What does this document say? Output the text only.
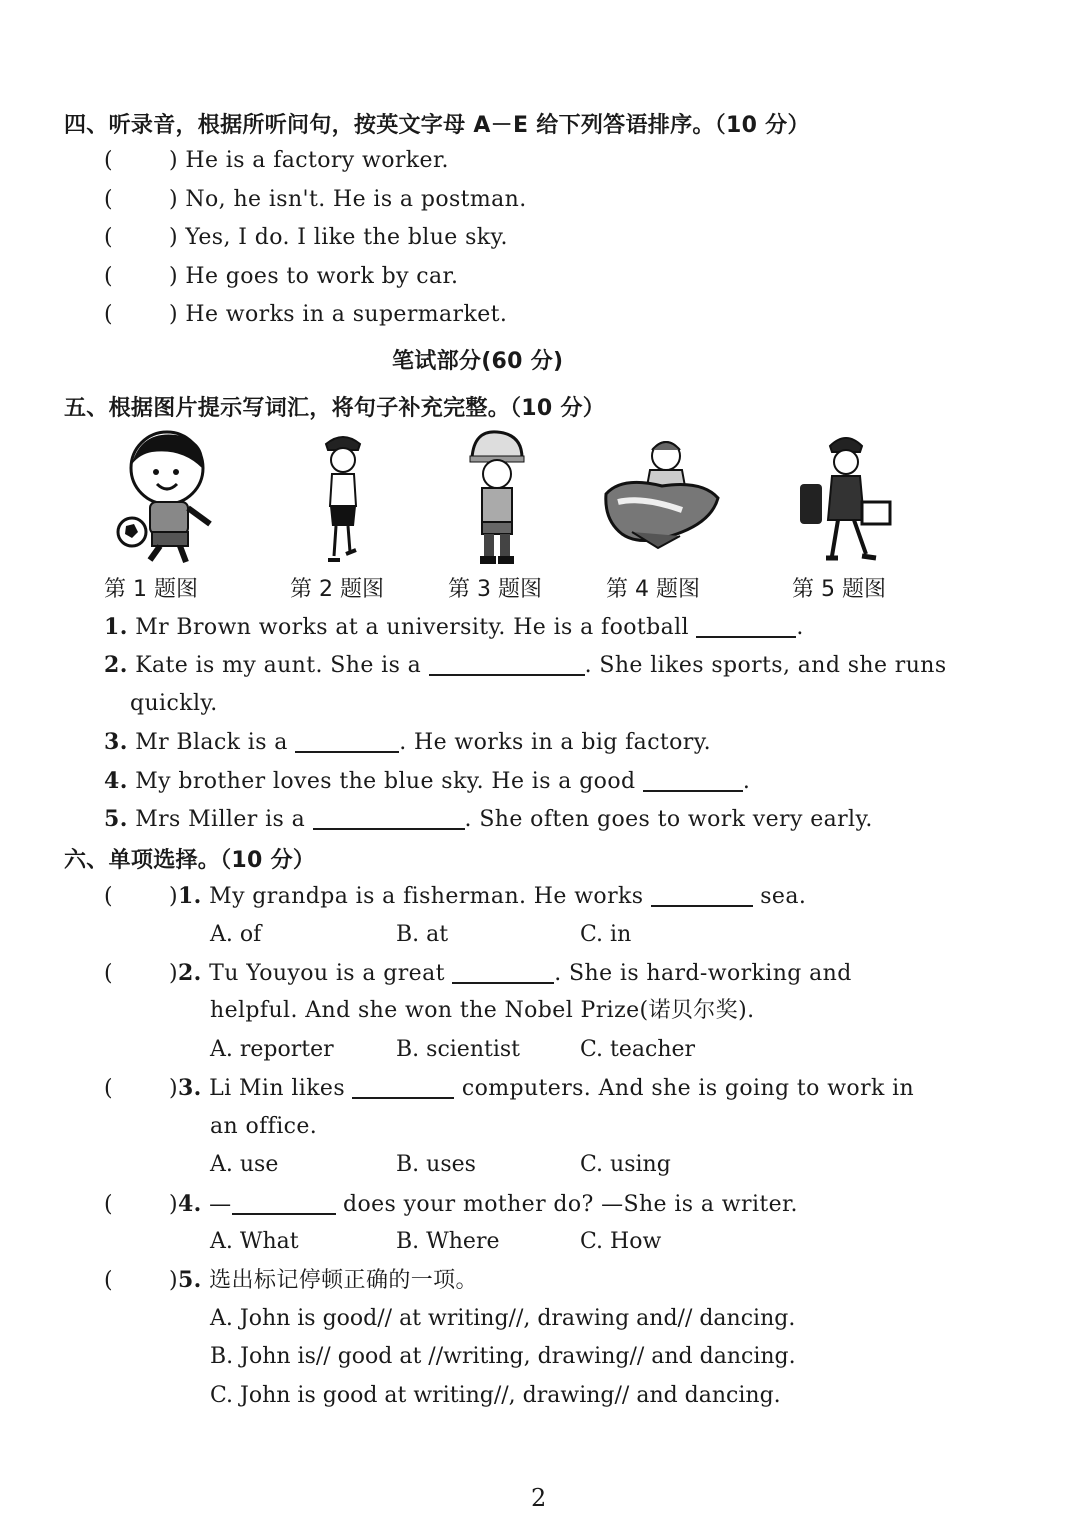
四、听录音，根据所听问句，按英文字母 A－E 给下列答语排序。（10 分）
(	) He is a factory worker.
(	) No, he isn't. He is a postman.
(	) Yes, I do. I like the blue sky.
(	) He goes to work by car.
(	) He works in a supermarket.
笔试部分(60 分)
五、根据图片提示写词汇，将句子补充完整。（10 分）
第 1 题图	第 2 题图	第 3 题图	第 4 题图	第 5 题图
1. Mr Brown works at a university. He is a football	.
2. Kate is my aunt. She is a	. She likes sports, and she runs
quickly.
3. Mr Black is a	. He works in a big factory.
4. My brother loves the blue sky. He is a good	.
5. Mrs Miller is a	. She often goes to work very early.
六、单项选择。（10 分）
(	)1. My grandpa is a fisherman. He works	sea.
A. of	B. at	C. in
(	)2. Tu Youyou is a great	. She is hard-working and
helpful. And she won the Nobel Prize(诺贝尔奖).
A. reporter	B. scientist	C. teacher
(	)3. Li Min likes	computers. And she is going to work in
an office.
A. use	B. uses	C. using
(	)4. —	does your mother do? —She is a writer.
A. What	B. Where	C. How
(	)5. 选出标记停顿正确的一项。
A. John is good// at writing//, drawing and// dancing.
B. John is// good at //writing, drawing// and dancing.
C. John is good at writing//, drawing// and dancing.
2
